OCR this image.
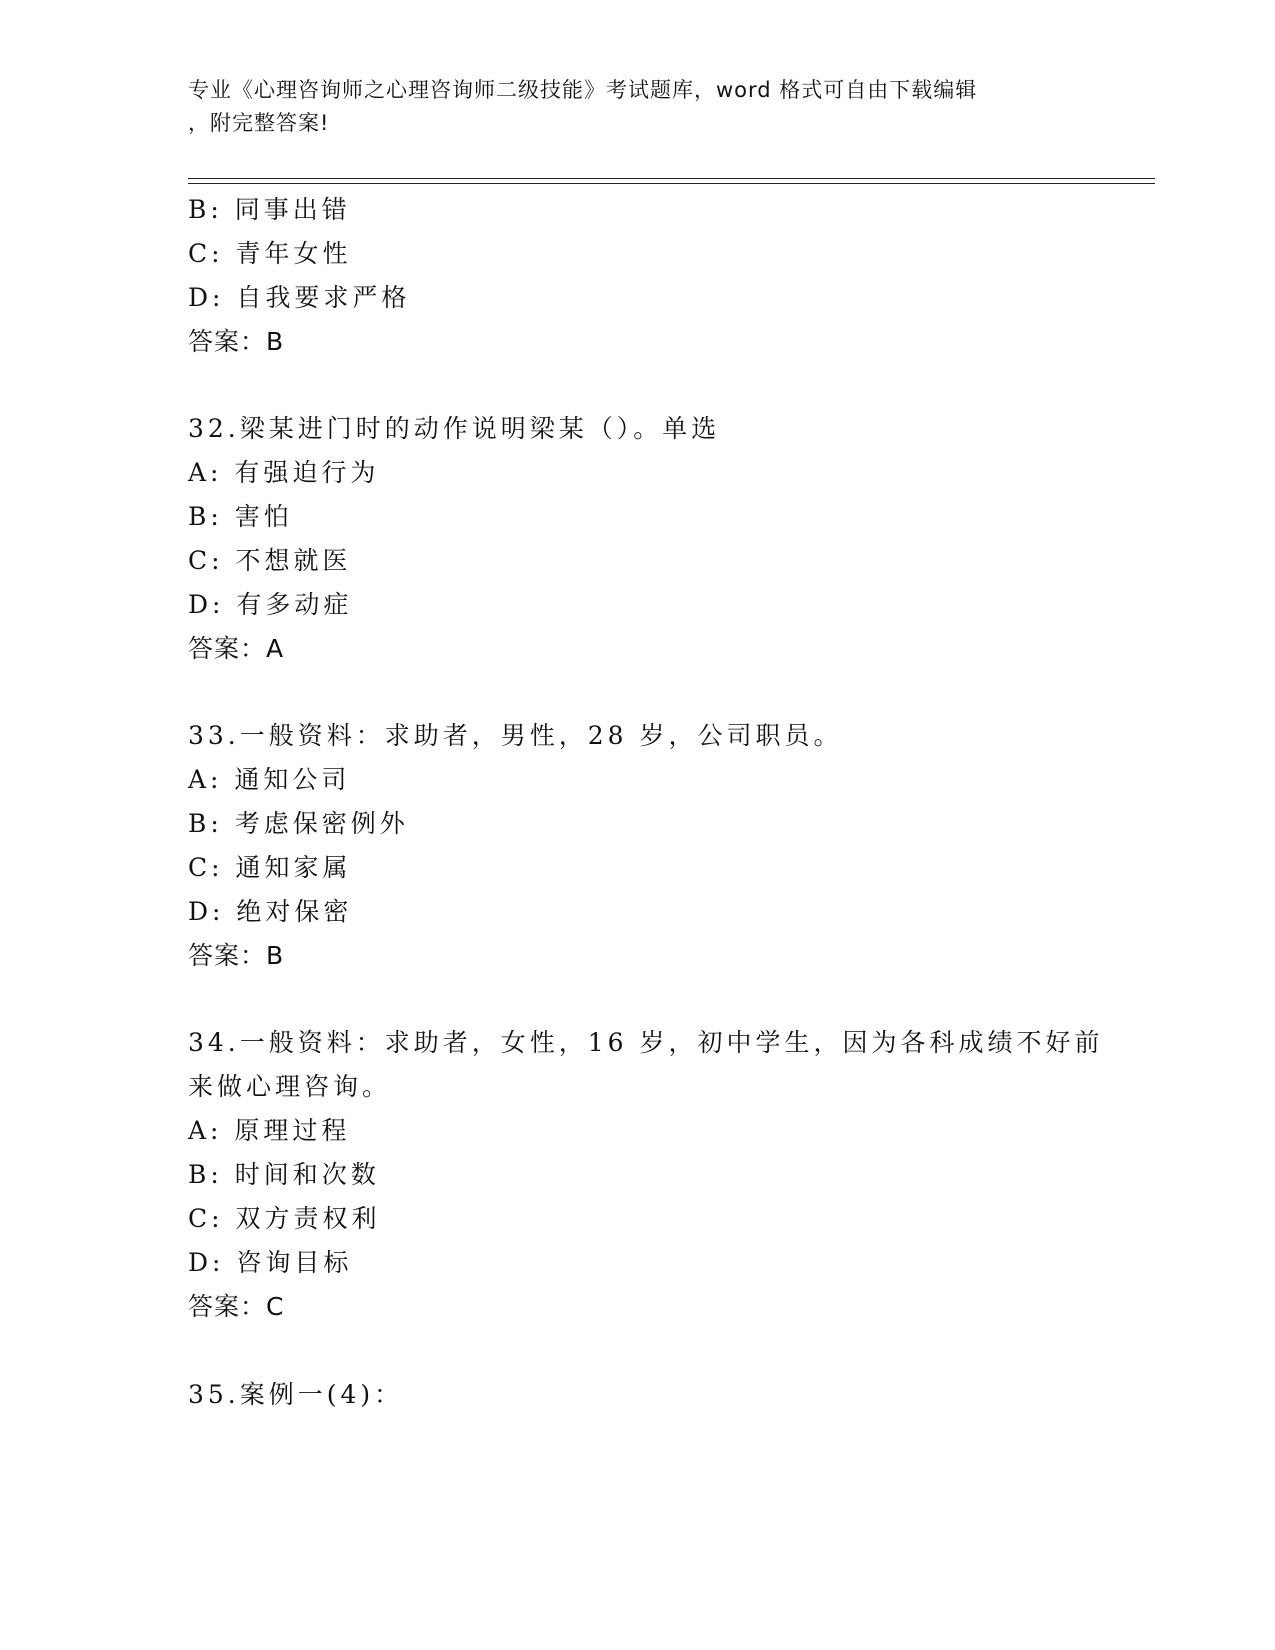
专业《心理咨询师之心理咨询师二级技能》考试题库，word 格式可自由下载编辑
，附完整答案!
B: 同事出错
C: 青年女性
D: 自我要求严格
答案：B
32.梁某进门时的动作说明梁某（）。单选
A: 有强迫行为
B: 害怕
C: 不想就医
D: 有多动症
答案：A
33.一般资料：求助者，男性，28 岁，公司职员。
A: 通知公司
B: 考虑保密例外
C: 通知家属
D: 绝对保密
答案：B
34.一般资料：求助者，女性，16 岁，初中学生，因为各科成绩不好前
来做心理咨询。
A: 原理过程
B: 时间和次数
C: 双方责权利
D: 咨询目标
答案：C
35.案例一(4)：
